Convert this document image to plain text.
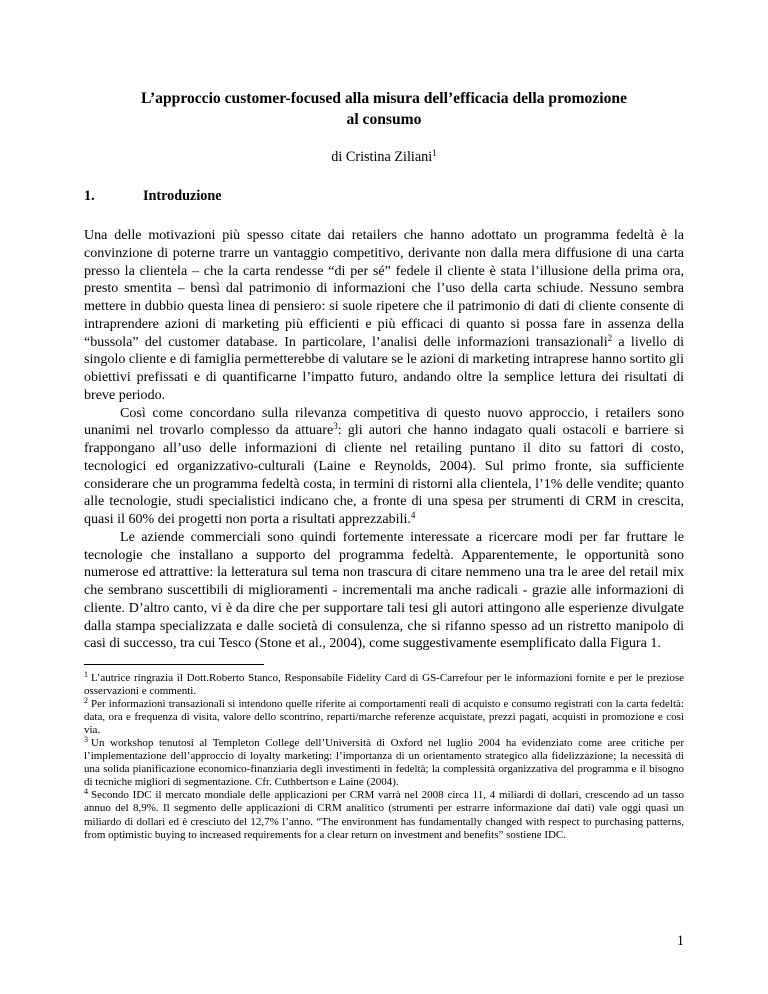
L’approccio customer-focused alla misura dell’efficacia della promozione
al consumo
di Cristina Ziliani$^1$
1.	Introduzione

Una delle motivazioni più spesso citate dai retailers che hanno adottato un programma fedeltà è la convinzione di poterne trarre un vantaggio competitivo, derivante non dalla mera diffusione di una carta presso la clientela – che la carta rendesse “di per sé” fedele il cliente è stata l’illusione della prima ora, presto smentita – bensì dal patrimonio di informazioni che l’uso della carta schiude. Nessuno sembra mettere in dubbio questa linea di pensiero: si suole ripetere che il patrimonio di dati di cliente consente di intraprendere azioni di marketing più efficienti e più efficaci di quanto si possa fare in assenza della “bussola” del customer database. In particolare, l’analisi delle informazioni transazionali$^2$ a livello di singolo cliente e di famiglia permetterebbe di valutare se le azioni di marketing intraprese hanno sortito gli obiettivi prefissati e di quantificarne l’impatto futuro, andando oltre la semplice lettura dei risultati di breve periodo.

Così come concordano sulla rilevanza competitiva di questo nuovo approccio, i retailers sono unanimi nel trovarlo complesso da attuare$^3$: gli autori che hanno indagato quali ostacoli e barriere si frappongano all’uso delle informazioni di cliente nel retailing puntano il dito su fattori di costo, tecnologici ed organizzativo-culturali (Laine e Reynolds, 2004). Sul primo fronte, sia sufficiente considerare che un programma fedeltà costa, in termini di ristorni alla clientela, l’1% delle vendite; quanto alle tecnologie, studi specialistici indicano che, a fronte di una spesa per strumenti di CRM in crescita, quasi il 60% dei progetti non porta a risultati apprezzabili.$^4$

Le aziende commerciali sono quindi fortemente interessate a ricercare modi per far fruttare le tecnologie che installano a supporto del programma fedeltà. Apparentemente, le opportunità sono numerose ed attrattive: la letteratura sul tema non trascura di citare nemmeno una tra le aree del retail mix che sembrano suscettibili di miglioramenti - incrementali ma anche radicali - grazie alle informazioni di cliente. D’altro canto, vi è da dire che per supportare tali tesi gli autori attingono alle esperienze divulgate dalla stampa specializzata e dalle società di consulenza, che si rifanno spesso ad un ristretto manipolo di casi di successo, tra cui Tesco (Stone et al., 2004), come suggestivamente esemplificato dalla Figura 1.

$^1$ L’autrice ringrazia il Dott.Roberto Stanco, Responsabile Fidelity Card di GS-Carrefour per le informazioni fornite e per le preziose osservazioni e commenti.

$^2$ Per informazioni transazionali si intendono quelle riferite ai comportamenti reali di acquisto e consumo registrati con la carta fedeltà: data, ora e frequenza di visita, valore dello scontrino, reparti/marche referenze acquistate, prezzi pagati, acquisti in promozione e così via.

$^3$ Un workshop tenutosi al Templeton College dell’Università di Oxford nel luglio 2004 ha evidenziato come aree critiche per l’implementazione dell’approccio di loyalty marketing: l’importanza di un orientamento strategico alla fidelizzazione; la necessità di una solida pianificazione economico-finanziaria degli investimenti in fedeltà; la complessità organizzativa del programma e il bisogno di tecniche migliori di segmentazione. Cfr. Cuthbertson e Laine (2004).

$^4$ Secondo IDC il mercato mondiale delle applicazioni per CRM varrà nel 2008 circa 11, 4 miliardi di dollari, crescendo ad un tasso annuo del 8,9%. Il segmento delle applicazioni di CRM analitico (strumenti per estrarre informazione dai dati) vale oggi quasi un miliardo di dollari ed è cresciuto del 12,7% l’anno. “The environment has fundamentally changed with respect to purchasing patterns, from optimistic buying to increased requirements for a clear return on investment and benefits” sostiene IDC.

1
